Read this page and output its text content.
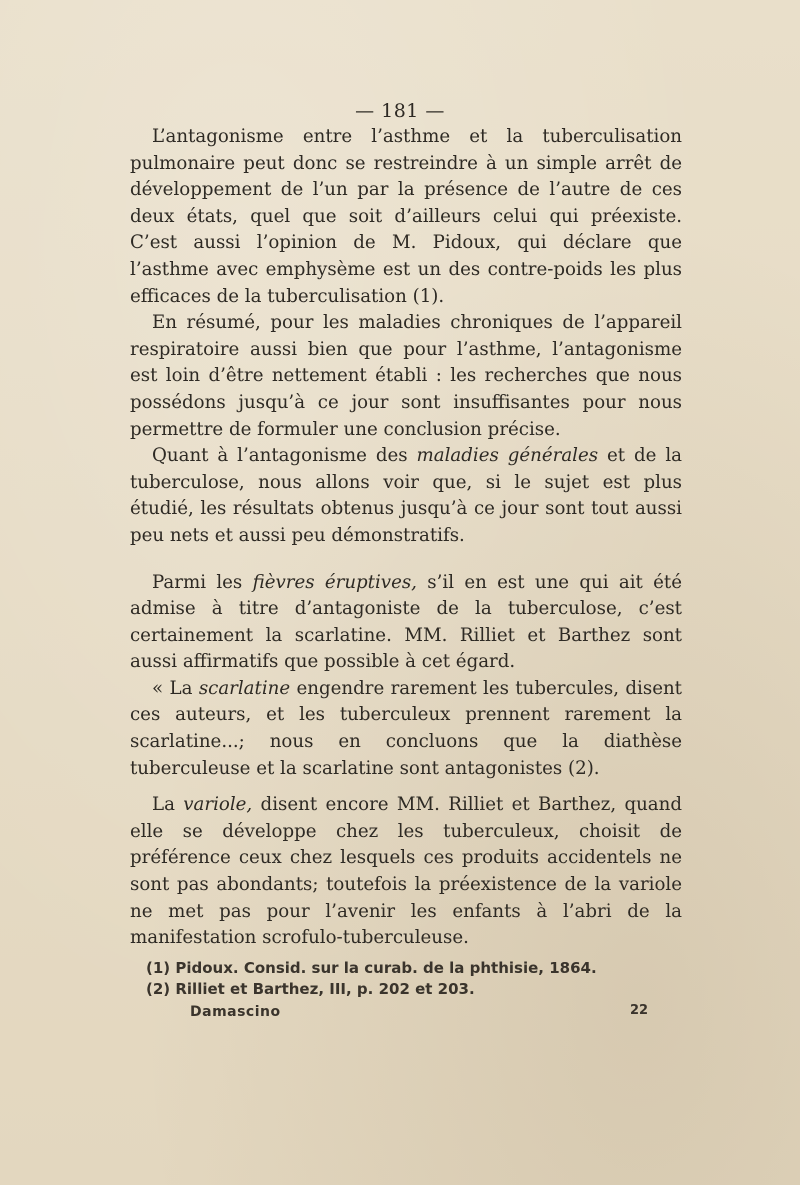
— 181 —

L’antagonisme entre l’asthme et la tuberculisation pulmonaire peut donc se restreindre à un simple arrêt de développement de l’un par la présence de l’autre de ces deux états, quel que soit d’ailleurs celui qui préexiste. C’est aussi l’opinion de M. Pidoux, qui déclare que l’asthme avec emphysème est un des contre-poids les plus efficaces de la tuberculisation (1).

En résumé, pour les maladies chroniques de l’appareil respiratoire aussi bien que pour l’asthme, l’antagonisme est loin d’être nettement établi : les recherches que nous possédons jusqu’à ce jour sont insuffisantes pour nous permettre de formuler une conclusion précise.

Quant à l’antagonisme des maladies générales et de la tuberculose, nous allons voir que, si le sujet est plus étudié, les résultats obtenus jusqu’à ce jour sont tout aussi peu nets et aussi peu démonstratifs.

Parmi les fièvres éruptives, s’il en est une qui ait été admise à titre d’antagoniste de la tuberculose, c’est certainement la scarlatine. MM. Rilliet et Barthez sont aussi affirmatifs que possible à cet égard.

« La scarlatine engendre rarement les tubercules, disent ces auteurs, et les tuberculeux prennent rarement la scarlatine...; nous en concluons que la diathèse tuberculeuse et la scarlatine sont antagonistes (2).

La variole, disent encore MM. Rilliet et Barthez, quand elle se développe chez les tuberculeux, choisit de préférence ceux chez lesquels ces produits accidentels ne sont pas abondants; toutefois la préexistence de la variole ne met pas pour l’avenir les enfants à l’abri de la manifestation scrofulo-tuberculeuse.

(1) Pidoux. Consid. sur la curab. de la phthisie, 1864.

(2) Rilliet et Barthez, III, p. 202 et 203.

Damascino	22
